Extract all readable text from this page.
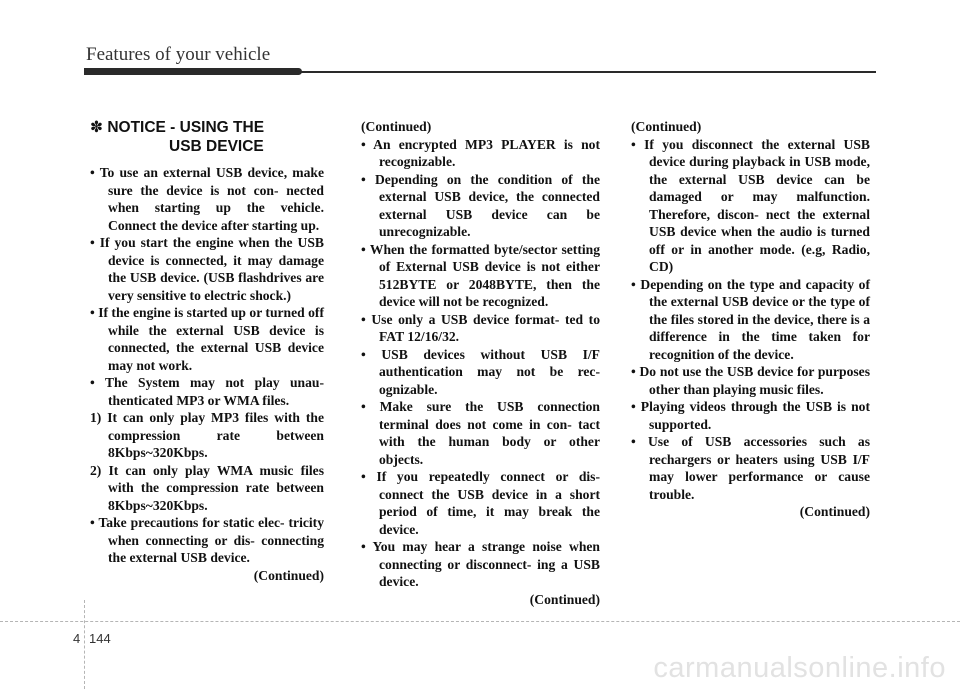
Features of your vehicle
✽ NOTICE - USING THE
USB DEVICE

• To use an external USB device, make sure the device is not con- nected when starting up the vehicle. Connect the device after starting up.

• If you start the engine when the USB device is connected, it may damage the USB device. (USB flashdrives are very sensitive to electric shock.)

• If the engine is started up or turned off while the external USB device is connected, the external USB device may not work.

• The System may not play unau- thenticated MP3 or WMA files.

1) It can only play MP3 files with the compression rate between 8Kbps~320Kbps.

2) It can only play WMA music files with the compression rate between 8Kbps~320Kbps.

• Take precautions for static elec- tricity when connecting or dis- connecting the external USB device.

(Continued)

(Continued)

• An encrypted MP3 PLAYER is not recognizable.

• Depending on the condition of the external USB device, the connected external USB device can be unrecognizable.

• When the formatted byte/sector setting of External USB device is not either 512BYTE or 2048BYTE, then the device will not be recognized.

• Use only a USB device format- ted to FAT 12/16/32.

• USB devices without USB I/F authentication may not be rec- ognizable.

• Make sure the USB connection terminal does not come in con- tact with the human body or other objects.

• If you repeatedly connect or dis- connect the USB device in a short period of time, it may break the device.

• You may hear a strange noise when connecting or disconnect- ing a USB device.

(Continued)

(Continued)

• If you disconnect the external USB device during playback in USB mode, the external USB device can be damaged or may malfunction. Therefore, discon- nect the external USB device when the audio is turned off or in another mode. (e.g, Radio, CD)

• Depending on the type and capacity of the external USB device or the type of the files stored in the device, there is a difference in the time taken for recognition of the device.

• Do not use the USB device for purposes other than playing music files.

• Playing videos through the USB is not supported.

• Use of USB accessories such as rechargers or heaters using USB I/F may lower performance or cause trouble.

(Continued)

4 144
carmanualsonline.info
